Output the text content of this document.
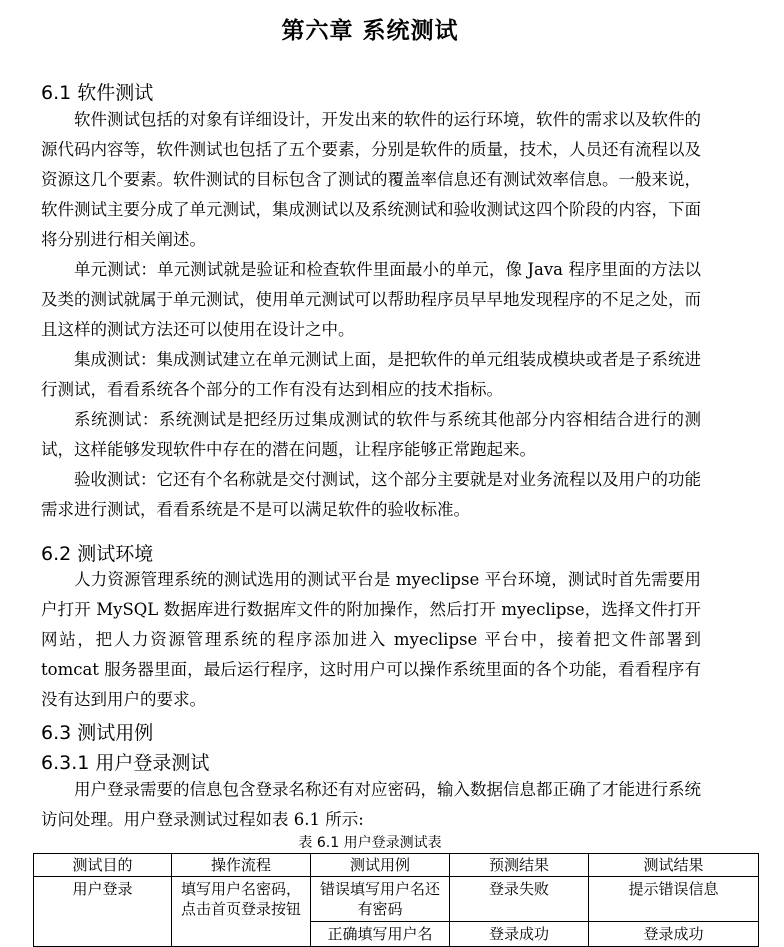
第六章 系统测试
6.1 软件测试
软件测试包括的对象有详细设计，开发出来的软件的运行环境，软件的需求以及软件的源代码内容等，软件测试也包括了五个要素，分别是软件的质量，技术，人员还有流程以及资源这几个要素。软件测试的目标包含了测试的覆盖率信息还有测试效率信息。一般来说，软件测试主要分成了单元测试，集成测试以及系统测试和验收测试这四个阶段的内容，下面将分别进行相关阐述。
单元测试：单元测试就是验证和检查软件里面最小的单元，像 Java 程序里面的方法以及类的测试就属于单元测试，使用单元测试可以帮助程序员早早地发现程序的不足之处，而且这样的测试方法还可以使用在设计之中。
集成测试：集成测试建立在单元测试上面，是把软件的单元组装成模块或者是子系统进行测试，看看系统各个部分的工作有没有达到相应的技术指标。
系统测试：系统测试是把经历过集成测试的软件与系统其他部分内容相结合进行的测试，这样能够发现软件中存在的潜在问题，让程序能够正常跑起来。
验收测试：它还有个名称就是交付测试，这个部分主要就是对业务流程以及用户的功能需求进行测试，看看系统是不是可以满足软件的验收标准。
6.2 测试环境
人力资源管理系统的测试选用的测试平台是 myeclipse 平台环境，测试时首先需要用户打开 MySQL 数据库进行数据库文件的附加操作，然后打开 myeclipse，选择文件打开网站，把人力资源管理系统的程序添加进入 myeclipse 平台中，接着把文件部署到 tomcat 服务器里面，最后运行程序，这时用户可以操作系统里面的各个功能，看看程序有没有达到用户的要求。
6.3 测试用例
6.3.1 用户登录测试
用户登录需要的信息包含登录名称还有对应密码，输入数据信息都正确了才能进行系统访问处理。用户登录测试过程如表 6.1 所示:
表 6.1 用户登录测试表
测试目的	操作流程	测试用例	预测结果	测试结果
用户登录	填写用户名密码，点击首页登录按钮	错误填写用户名还有密码	登录失败	提示错误信息
		正确填写用户名	登录成功	登录成功
